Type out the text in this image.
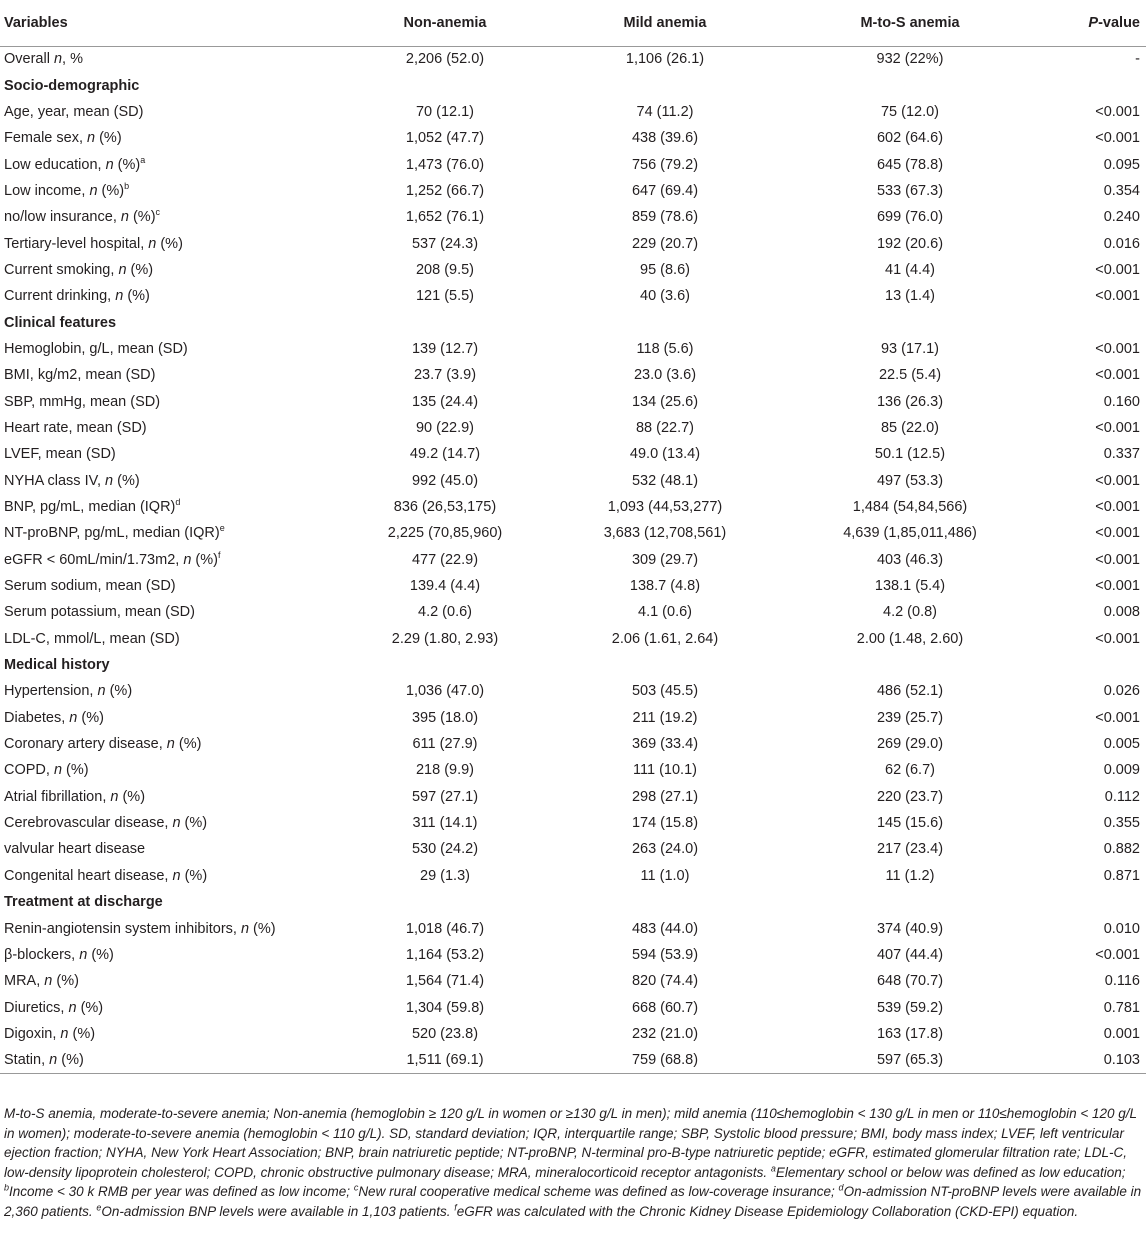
Variables	Non-anemia	Mild anemia	M-to-S anemia	P-value
Overall n, %	2,206 (52.0)	1,106 (26.1)	932 (22%)	-
Socio-demographic				
Age, year, mean (SD)	70 (12.1)	74 (11.2)	75 (12.0)	<0.001
Female sex, n (%)	1,052 (47.7)	438 (39.6)	602 (64.6)	<0.001
Low education, n (%)$^a$	1,473 (76.0)	756 (79.2)	645 (78.8)	0.095
Low income, n (%)$^b$	1,252 (66.7)	647 (69.4)	533 (67.3)	0.354
no/low insurance, n (%)$^c$	1,652 (76.1)	859 (78.6)	699 (76.0)	0.240
Tertiary-level hospital, n (%)	537 (24.3)	229 (20.7)	192 (20.6)	0.016
Current smoking, n (%)	208 (9.5)	95 (8.6)	41 (4.4)	<0.001
Current drinking, n (%)	121 (5.5)	40 (3.6)	13 (1.4)	<0.001
Clinical features				
Hemoglobin, g/L, mean (SD)	139 (12.7)	118 (5.6)	93 (17.1)	<0.001
BMI, kg/m2, mean (SD)	23.7 (3.9)	23.0 (3.6)	22.5 (5.4)	<0.001
SBP, mmHg, mean (SD)	135 (24.4)	134 (25.6)	136 (26.3)	0.160
Heart rate, mean (SD)	90 (22.9)	88 (22.7)	85 (22.0)	<0.001
LVEF, mean (SD)	49.2 (14.7)	49.0 (13.4)	50.1 (12.5)	0.337
NYHA class IV, n (%)	992 (45.0)	532 (48.1)	497 (53.3)	<0.001
BNP, pg/mL, median (IQR)$^d$	836 (26,53,175)	1,093 (44,53,277)	1,484 (54,84,566)	<0.001
NT-proBNP, pg/mL, median (IQR)$^e$	2,225 (70,85,960)	3,683 (12,708,561)	4,639 (1,85,011,486)	<0.001
eGFR < 60mL/min/1.73m2, n (%)$^f$	477 (22.9)	309 (29.7)	403 (46.3)	<0.001
Serum sodium, mean (SD)	139.4 (4.4)	138.7 (4.8)	138.1 (5.4)	<0.001
Serum potassium, mean (SD)	4.2 (0.6)	4.1 (0.6)	4.2 (0.8)	0.008
LDL-C, mmol/L, mean (SD)	2.29 (1.80, 2.93)	2.06 (1.61, 2.64)	2.00 (1.48, 2.60)	<0.001
Medical history				
Hypertension, n (%)	1,036 (47.0)	503 (45.5)	486 (52.1)	0.026
Diabetes, n (%)	395 (18.0)	211 (19.2)	239 (25.7)	<0.001
Coronary artery disease, n (%)	611 (27.9)	369 (33.4)	269 (29.0)	0.005
COPD, n (%)	218 (9.9)	111 (10.1)	62 (6.7)	0.009
Atrial fibrillation, n (%)	597 (27.1)	298 (27.1)	220 (23.7)	0.112
Cerebrovascular disease, n (%)	311 (14.1)	174 (15.8)	145 (15.6)	0.355
valvular heart disease	530 (24.2)	263 (24.0)	217 (23.4)	0.882
Congenital heart disease, n (%)	29 (1.3)	11 (1.0)	11 (1.2)	0.871
Treatment at discharge				
Renin-angiotensin system inhibitors, n (%)	1,018 (46.7)	483 (44.0)	374 (40.9)	0.010
β-blockers, n (%)	1,164 (53.2)	594 (53.9)	407 (44.4)	<0.001
MRA, n (%)	1,564 (71.4)	820 (74.4)	648 (70.7)	0.116
Diuretics, n (%)	1,304 (59.8)	668 (60.7)	539 (59.2)	0.781
Digoxin, n (%)	520 (23.8)	232 (21.0)	163 (17.8)	0.001
Statin, n (%)	1,511 (69.1)	759 (68.8)	597 (65.3)	0.103
M-to-S anemia, moderate-to-severe anemia; Non-anemia (hemoglobin ≥ 120 g/L in women or ≥130 g/L in men); mild anemia (110≤hemoglobin < 130 g/L in men or 110≤hemoglobin < 120 g/L in women); moderate-to-severe anemia (hemoglobin < 110 g/L). SD, standard deviation; IQR, interquartile range; SBP, Systolic blood pressure; BMI, body mass index; LVEF, left ventricular ejection fraction; NYHA, New York Heart Association; BNP, brain natriuretic peptide; NT-proBNP, N-terminal pro-B-type natriuretic peptide; eGFR, estimated glomerular filtration rate; LDL-C, low-density lipoprotein cholesterol; COPD, chronic obstructive pulmonary disease; MRA, mineralocorticoid receptor antagonists. $^a$Elementary school or below was defined as low education; $^b$Income < 30 k RMB per year was defined as low income; $^c$New rural cooperative medical scheme was defined as low-coverage insurance; $^d$On-admission NT-proBNP levels were available in 2,360 patients. $^e$On-admission BNP levels were available in 1,103 patients. $^f$eGFR was calculated with the Chronic Kidney Disease Epidemiology Collaboration (CKD-EPI) equation.
